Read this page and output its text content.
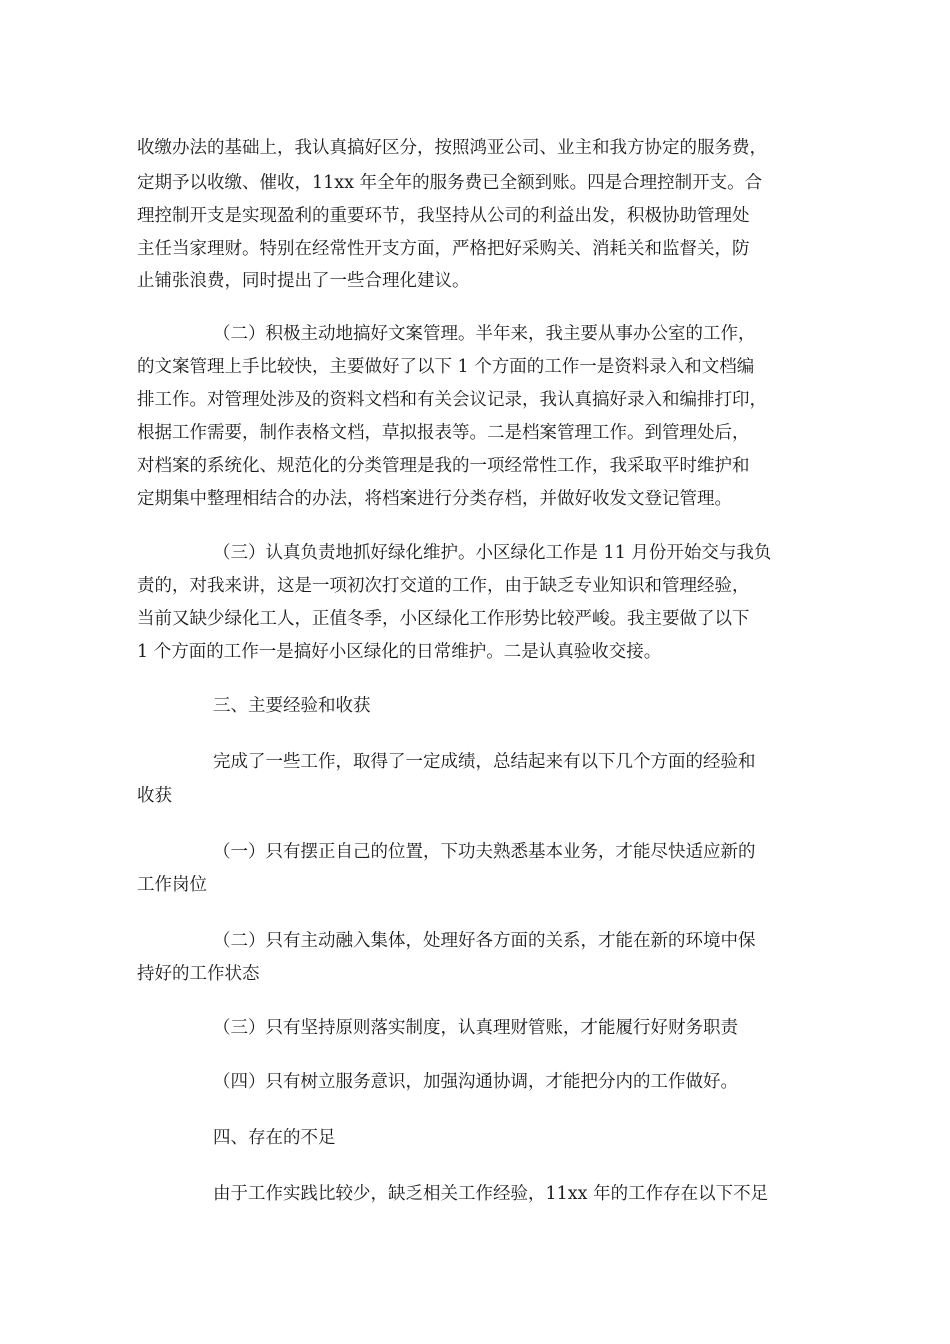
收缴办法的基础上，我认真搞好区分，按照鸿亚公司、业主和我方协定的服务费，
定期予以收缴、催收，11xx 年全年的服务费已全额到账。四是合理控制开支。合
理控制开支是实现盈利的重要环节，我坚持从公司的利益出发，积极协助管理处
主任当家理财。特别在经常性开支方面，严格把好采购关、消耗关和监督关，防
止铺张浪费，同时提出了一些合理化建议。
（二）积极主动地搞好文案管理。半年来，我主要从事办公室的工作，
的文案管理上手比较快，主要做好了以下 1 个方面的工作一是资料录入和文档编
排工作。对管理处涉及的资料文档和有关会议记录，我认真搞好录入和编排打印，
根据工作需要，制作表格文档，草拟报表等。二是档案管理工作。到管理处后，
对档案的系统化、规范化的分类管理是我的一项经常性工作，我采取平时维护和
定期集中整理相结合的办法，将档案进行分类存档，并做好收发文登记管理。
（三）认真负责地抓好绿化维护。小区绿化工作是 11 月份开始交与我负
责的，对我来讲，这是一项初次打交道的工作，由于缺乏专业知识和管理经验，
当前又缺少绿化工人，正值冬季，小区绿化工作形势比较严峻。我主要做了以下
1 个方面的工作一是搞好小区绿化的日常维护。二是认真验收交接。
三、主要经验和收获
完成了一些工作，取得了一定成绩，总结起来有以下几个方面的经验和
收获
（一）只有摆正自己的位置，下功夫熟悉基本业务，才能尽快适应新的
工作岗位
（二）只有主动融入集体，处理好各方面的关系，才能在新的环境中保
持好的工作状态
（三）只有坚持原则落实制度，认真理财管账，才能履行好财务职责
（四）只有树立服务意识，加强沟通协调，才能把分内的工作做好。
四、存在的不足
由于工作实践比较少，缺乏相关工作经验，11xx 年的工作存在以下不足
